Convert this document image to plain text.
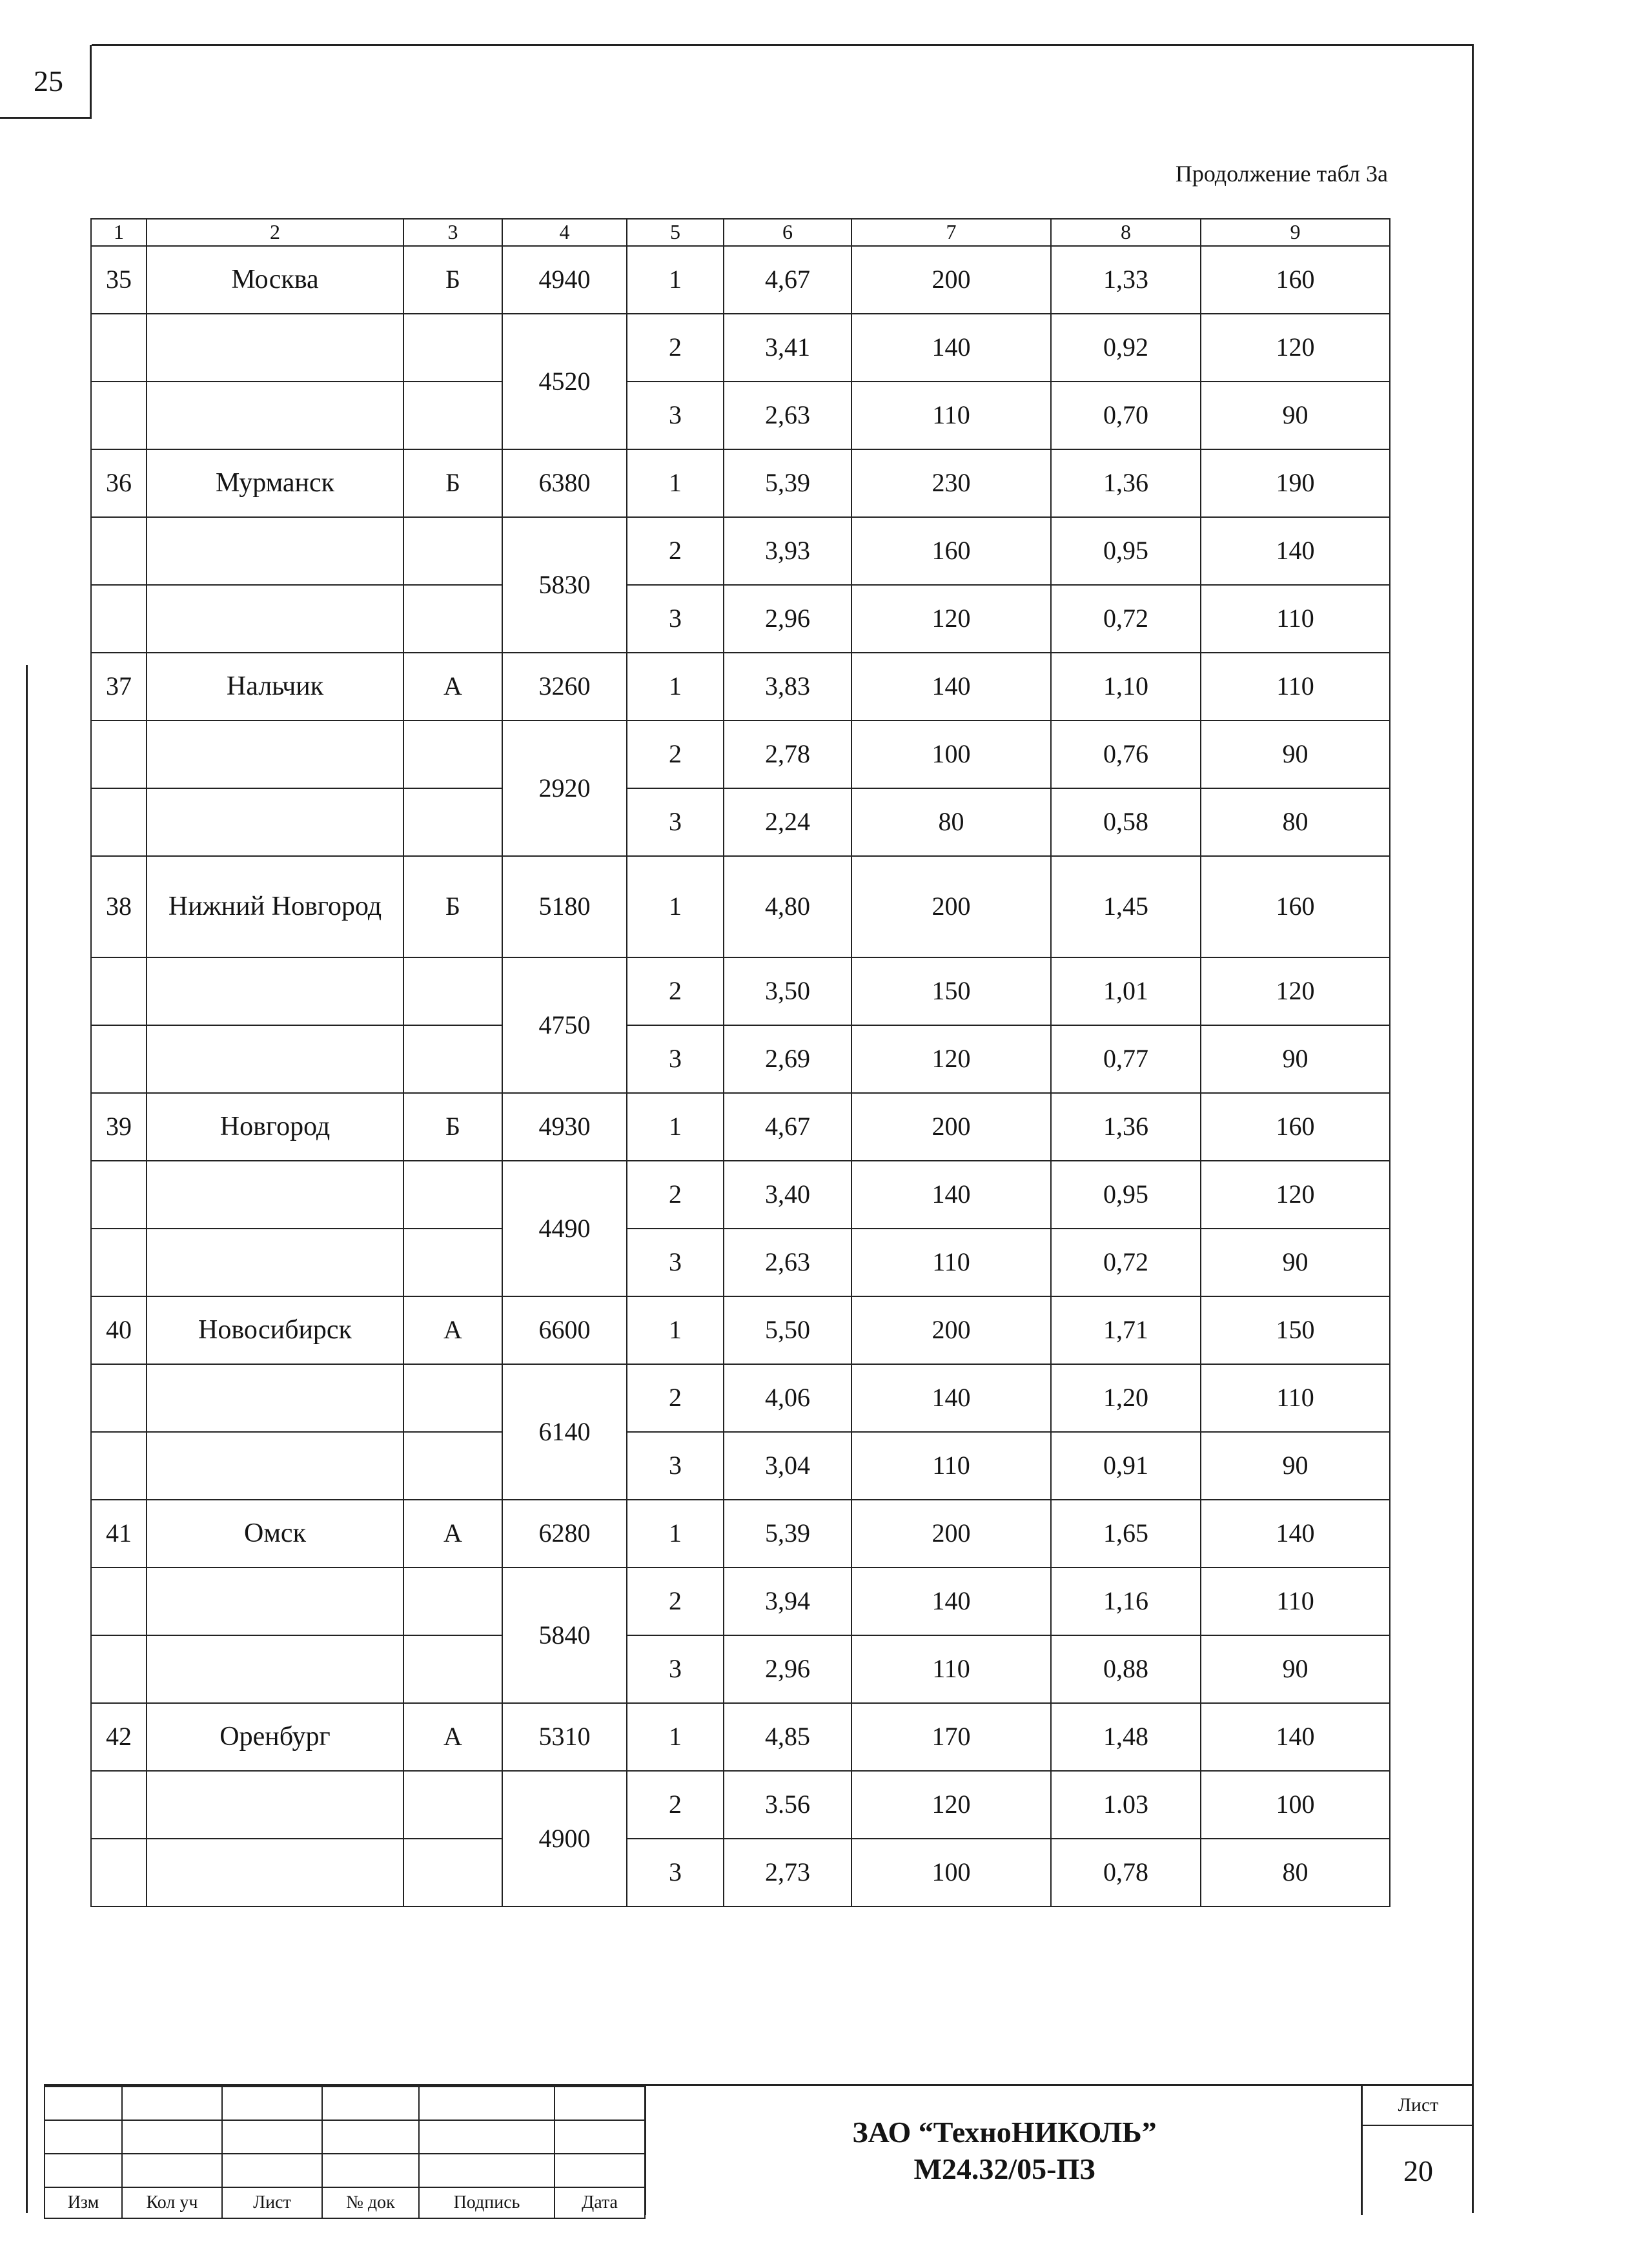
25
Продолжение табл 3а
1	2	3	4	5	6	7	8	9
35	Москва	Б	4940	1	4,67	200	1,33	160
			4520	2	3,41	140	0,92	120
				3	2,63	110	0,70	90
36	Мурманск	Б	6380	1	5,39	230	1,36	190
			5830	2	3,93	160	0,95	140
				3	2,96	120	0,72	110
37	Нальчик	А	3260	1	3,83	140	1,10	110
			2920	2	2,78	100	0,76	90
				3	2,24	80	0,58	80
38	Нижний Новгород	Б	5180	1	4,80	200	1,45	160
			4750	2	3,50	150	1,01	120
				3	2,69	120	0,77	90
39	Новгород	Б	4930	1	4,67	200	1,36	160
			4490	2	3,40	140	0,95	120
				3	2,63	110	0,72	90
40	Новосибирск	А	6600	1	5,50	200	1,71	150
			6140	2	4,06	140	1,20	110
				3	3,04	110	0,91	90
41	Омск	А	6280	1	5,39	200	1,65	140
			5840	2	3,94	140	1,16	110
				3	2,96	110	0,88	90
42	Оренбург	А	5310	1	4,85	170	1,48	140
			4900	2	3.56	120	1.03	100
				3	2,73	100	0,78	80

Изм	Кол уч	Лист	№ док	Подпись	Дата
ЗАО “ТехноНИКОЛЬ”
М24.32/05-ПЗ
Лист
20
